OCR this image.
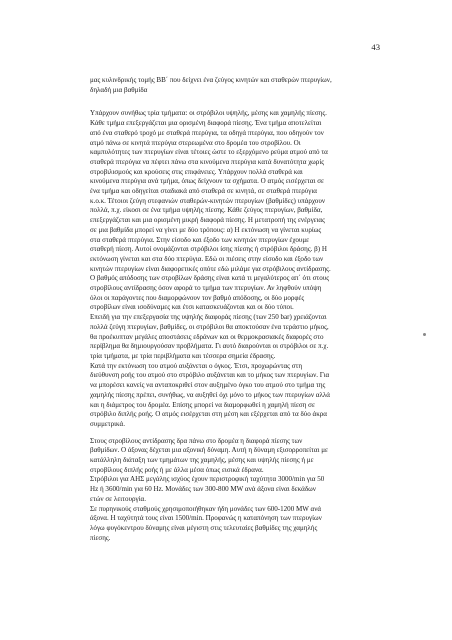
43

μας κυλινδρικής τομής ΒΒ΄ που δείχνει ένα ζεύγος κινητών και σταθερών πτερυγίων,

δηλαδή μια βαθμίδα

Υπάρχουν συνήθως τρία τμήματα: οι στρόβιλοι υψηλής, μέσης και χαμηλής πίεσης.

Κάθε τμήμα επεξεργάζεται μια ορισμένη διαφορά πίεσης. Ένα τμήμα αποτελείται

από ένα σταθερό τροχό με σταθερά πτερύγια, τα οδηγά πτερύγια, που οδηγούν τον

ατμό πάνω σε κινητά πτερύγια στερεωμένα στο δρομέα του στροβίλου. Οι

καμπυλότητες των πτερυγίων είναι τέτοιες ώστε το εξερχόμενο ρεύμα ατμού από τα

σταθερά πτερύγια να πέφτει πάνω στα κινούμενα πτερύγια κατά δυνατότητα χωρίς

στροβιλισμούς και κρούσεις στις επιφάνειες. Υπάρχουν πολλά σταθερά και

κινούμενα πτερύγια ανά τμήμα, όπως δείχνουν τα σχήματα. Ο ατμός εισέρχεται σε

ένα τμήμα και οδηγείται σταδιακά από σταθερά σε κινητά, σε σταθερά πτερύγια

κ.ο.κ. Τέτοιοι ζεύγη στεφανιών σταθερών-κινητών πτερυγίων (βαθμίδες) υπάρχουν

πολλά, π.χ. είκοσι σε ένα τμήμα υψηλής πίεσης. Κάθε ζεύγος πτερυγίων, βαθμίδα,

επεξεργάζεται και μια ορισμένη μικρή διαφορά πίεσης. Η μετατροπή της ενέργειας

σε μια βαθμίδα μπορεί να γίνει με δύο τρόπους: α) Η εκτόνωση να γίνεται κυρίως

στα σταθερά πτερύγια. Στην είσοδο και έξοδο των κινητών πτερυγίων έχουμε

σταθερή πίεση. Αυτοί ονομάζονται στρόβιλοι ίσης πίεσης ή στρόβιλοι δράσης. β) Η

εκτόνωση γίνεται και στα δύο πτερύγια. Εδώ οι πιέσεις στην είσοδο και έξοδο των

κινητών πτερυγίων είναι διαφορετικές οπότε εδώ μιλάμε για στρόβιλους αντίδρασης.

Ο βαθμός απόδοσης των στροβίλων δράσης είναι κατά τι μεγαλύτερος απ΄ ότι στους

στροβίλους αντίδρασης όσον αφορά το τμήμα των πτερυγίων. Αν ληφθούν υπόψη

όλοι οι παράγοντες που διαμορφώνουν τον βαθμό απόδοσης, οι δύο μορφές

στροβίλων είναι ισοδύναμες και έτσι κατασκευάζονται και οι δύο τύποι.

Επειδή για την επεξεργασία της υψηλής διαφοράς πίεσης (των 250 bar) χρειάζονται

πολλά ζεύγη πτερυγίων, βαθμίδες, οι στρόβιλοι θα αποκτούσαν ένα τεράστιο μήκος,

θα προέκυπταν μεγάλες αποστάσεις εδράνων και οι θερμοκρασιακές διαφορές στο

περίβλημα θα δημιουργούσαν προβλήματα. Γι αυτό διαιρούνται οι στρόβιλοι σε π.χ.

τρία τμήματα, με τρία περιβλήματα και τέσσερα σημεία έδρασης.

Κατά την εκτόνωση του ατμού αυξάνεται ο όγκος. Έτσι, προχωρώντας στη

διεύθυνση ροής του ατμού στο στρόβιλο αυξάνεται και το μήκος των πτερυγίων. Για

να μπορέσει κανείς να ανταποκριθεί στον αυξημένο όγκο του ατμού στο τμήμα της

χαμηλής πίεσης πρέπει, συνήθως, να αυξηθεί όχι μόνο το μήκος των πτερυγίων αλλά

και η διάμετρος του δρομέα. Επίσης μπορεί να διαμορφωθεί η χαμηλή πίεση σε

στρόβιλο διπλής ροής. Ο ατμός εισέρχεται στη μέση και εξέρχεται από τα δύο άκρα

συμμετρικά.

Στους στροβίλους αντίδρασης δρα πάνω στο δρομέα η διαφορά πίεσης των

βαθμίδων. Ο άξονας δέχεται μια αξονική δύναμη. Αυτή η δύναμη εξισορροπείται με

κατάλληλη διάταξη των τμημάτων της χαμηλής, μέσης και υψηλής πίεσης ή με

στροβίλους διπλής ροής ή με άλλα μέσα όπως εισικά έδρανα.

Στρόβιλοι για ΑΗΣ μεγάλης ισχύος έχουν περιστροφική ταχύτητα 3000/min για 50

Hz ή 3600/min για 60 Hz. Μονάδες των 300-800 MW ανά άξονα είναι δεκάδων

ετών σε λειτουργία.

Σε πυρηνικούς σταθμούς χρησιμοποιήθηκαν ήδη μονάδες των 600-1200 MW ανά

άξονα. Η ταχύτητά τους είναι 1500/min. Προφανώς η καταπόνηση των πτερυγίων

λόγω φυγόκεντρου δύναμης είναι μέγιστη στις τελευταίες βαθμίδες της χαμηλής

πίεσης.
